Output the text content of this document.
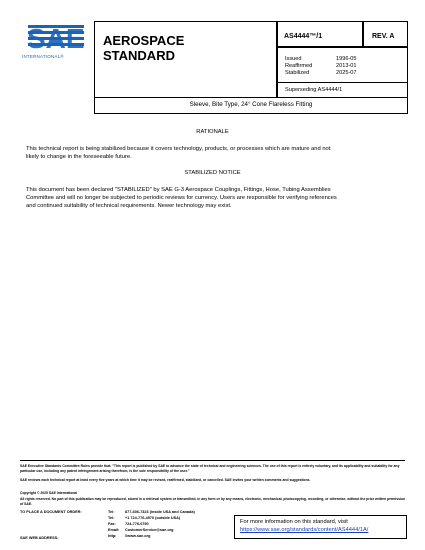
SAE
INTERNATIONAL®
AEROSPACE
STANDARD
AS4444™/1	REV. A
Issued	1996-05
Reaffirmed	2013-01
Stabilized	2025-07
Superseding AS4444/1
Sleeve, Bite Type, 24° Cone Flareless Fitting
RATIONALE
This technical report is being stabilized because it covers technology, products, or processes which are mature and not
likely to change in the foreseeable future.
STABILIZED NOTICE
This document has been declared "STABILIZED" by SAE G-3 Aerospace Couplings, Fittings, Hose, Tubing Assemblies
Committee and will no longer be subjected to periodic reviews for currency. Users are responsible for verifying references
and continued suitability of technical requirements. Newer technology may exist.
SAE Executive Standards Committee Rules provide that: "This report is published by SAE to advance the state of technical and engineering sciences. The use of this report is entirely voluntary, and its applicability and suitability for any particular use, including any patent infringement arising therefrom, is the sole responsibility of the user."
SAE reviews each technical report at least every five years at which time it may be revised, reaffirmed, stabilized, or cancelled. SAE invites your written comments and suggestions.
Copyright © 2025 SAE International
All rights reserved. No part of this publication may be reproduced, stored in a retrieval system or transmitted, in any form or by any means, electronic, mechanical, photocopying, recording, or otherwise, without the prior written permission of SAE.
TO PLACE A DOCUMENT ORDER:	Tel:	877-606-7323 (inside USA and Canada)
Tel:	+1 724-776-4970 (outside USA)
Fax: 724-776-0790
Email: CustomerService@sae.org
http: //www.sae.org
SAE WEB ADDRESS:
For more information on this standard, visit
https://www.sae.org/standards/content/AS4444/1A/
